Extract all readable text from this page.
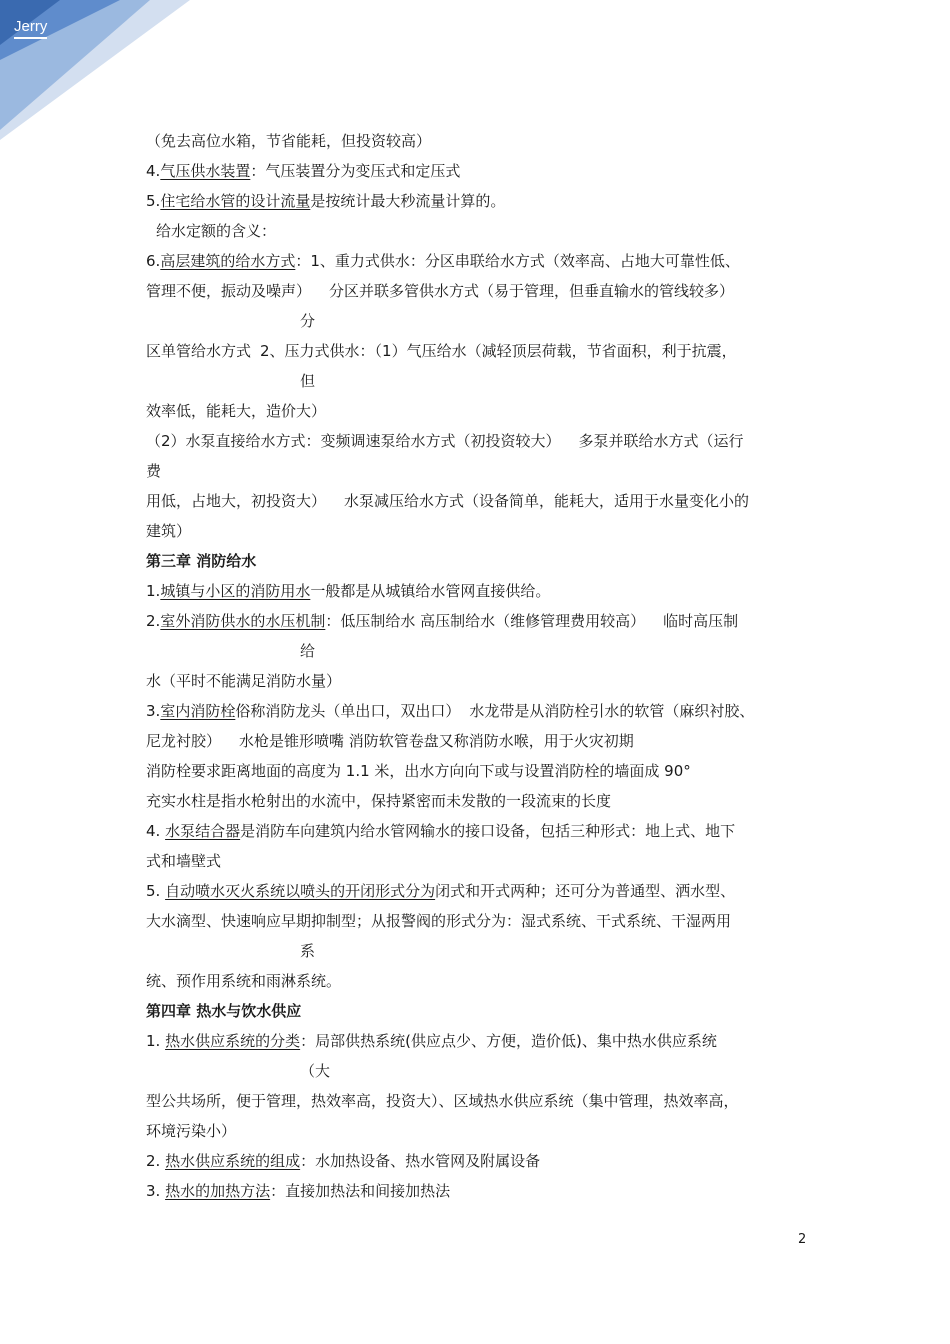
Jerry
（免去高位水箱，节省能耗，但投资较高）
4.气压供水装置：气压装置分为变压式和定压式
5.住宅给水管的设计流量是按统计最大秒流量计算的。
给水定额的含义：
6.高层建筑的给水方式：1、重力式供水：分区串联给水方式（效率高、占地大可靠性低、
管理不便，振动及噪声） 分区并联多管供水方式（易于管理，但垂直输水的管线较多）
分
区单管给水方式 2、压力式供水：（1）气压给水（减轻顶层荷载，节省面积，利于抗震，
但
效率低，能耗大，造价大）
（2）水泵直接给水方式：变频调速泵给水方式（初投资较大） 多泵并联给水方式（运行
费
用低，占地大，初投资大） 水泵减压给水方式（设备简单，能耗大，适用于水量变化小的
建筑）
第三章 消防给水
1.城镇与小区的消防用水一般都是从城镇给水管网直接供给。
2.室外消防供水的水压机制：低压制给水 高压制给水（维修管理费用较高） 临时高压制
给
水（平时不能满足消防水量）
3.室内消防栓俗称消防龙头（单出口，双出口） 水龙带是从消防栓引水的软管（麻织衬胶、
尼龙衬胶） 水枪是锥形喷嘴 消防软管卷盘又称消防水喉，用于火灾初期
消防栓要求距离地面的高度为 1.1 米，出水方向向下或与设置消防栓的墙面成 90°
充实水柱是指水枪射出的水流中，保持紧密而未发散的一段流束的长度
4. 水泵结合器是消防车向建筑内给水管网输水的接口设备，包括三种形式：地上式、地下
式和墙壁式
5. 自动喷水灭火系统以喷头的开闭形式分为闭式和开式两种；还可分为普通型、洒水型、
大水滴型、快速响应早期抑制型；从报警阀的形式分为：湿式系统、干式系统、干湿两用
系
统、预作用系统和雨淋系统。
第四章 热水与饮水供应
1. 热水供应系统的分类：局部供热系统(供应点少、方便，造价低)、集中热水供应系统
（大
型公共场所，便于管理，热效率高，投资大）、区域热水供应系统（集中管理，热效率高，
环境污染小）
2. 热水供应系统的组成：水加热设备、热水管网及附属设备
3. 热水的加热方法：直接加热法和间接加热法
2
